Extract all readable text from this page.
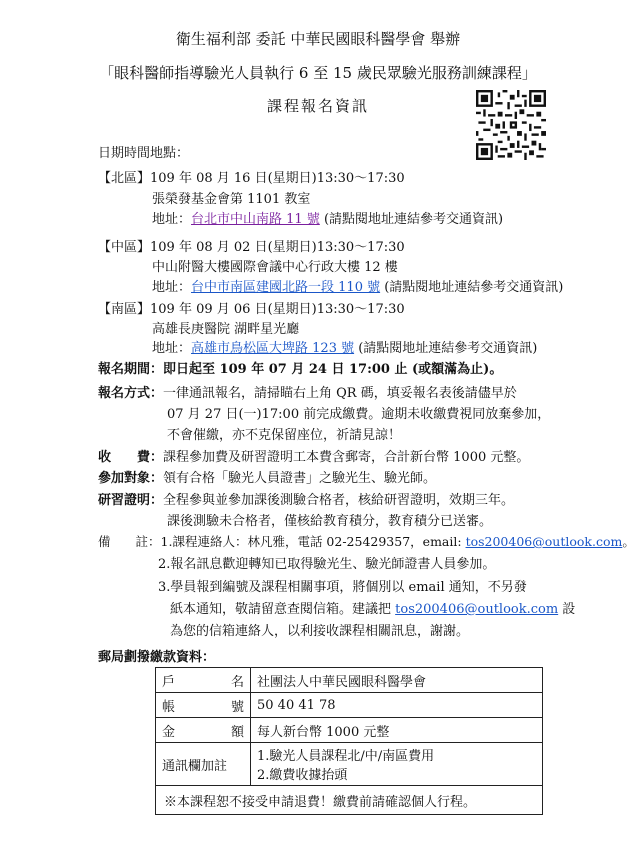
衛生福利部 委託 中華民國眼科醫學會 舉辦
「眼科醫師指導驗光人員執行 6 至 15 歲民眾驗光服務訓練課程」
課程報名資訊
日期時間地點：
【北區】109 年 08 月 16 日(星期日)13:30～17:30
張榮發基金會第 1101 教室
地址：台北市中山南路 11 號 (請點閱地址連結參考交通資訊)
【中區】109 年 08 月 02 日(星期日)13:30～17:30
中山附醫大樓國際會議中心行政大樓 12 樓
地址：台中市南區建國北路一段 110 號 (請點閱地址連結參考交通資訊)
【南區】109 年 09 月 06 日(星期日)13:30～17:30
高雄長庚醫院 湖畔星光廳
地址：高雄市鳥松區大埤路 123 號 (請點閱地址連結參考交通資訊)
報名期間：即日起至 109 年 07 月 24 日 17:00 止 (或額滿為止)。
報名方式：一律通訊報名，請掃瞄右上角 QR 碼，填妥報名表後請儘早於
07 月 27 日(一)17:00 前完成繳費。逾期未收繳費視同放棄參加，
不會催繳，亦不克保留座位，祈請見諒！
收　　費：課程參加費及研習證明工本費含郵寄，合計新台幣 1000 元整。
參加對象：領有合格「驗光人員證書」之驗光生、驗光師。
研習證明：全程參與並參加課後測驗合格者，核給研習證明，效期三年。
課後測驗未合格者，僅核給教育積分，教育積分已送審。
備　　註：1.課程連絡人：林凡雅，電話 02-25429357，email: tos200406@outlook.com。
2.報名訊息歡迎轉知已取得驗光生、驗光師證書人員參加。
3.學員報到編號及課程相關事項，將個別以 email 通知，不另發
紙本通知，敬請留意查閱信箱。建議把 tos200406@outlook.com 設
為您的信箱連絡人，以利接收課程相關訊息，謝謝。
郵局劃撥繳款資料：
戶 名	社團法人中華民國眼科醫學會

帳 號	50 40 41 78

金 額	每人新台幣 1000 元整
通訊欄加註	1.驗光人員課程北/中/南區費用
2.繳費收據抬頭

※本課程恕不接受申請退費！繳費前請確認個人行程。	
